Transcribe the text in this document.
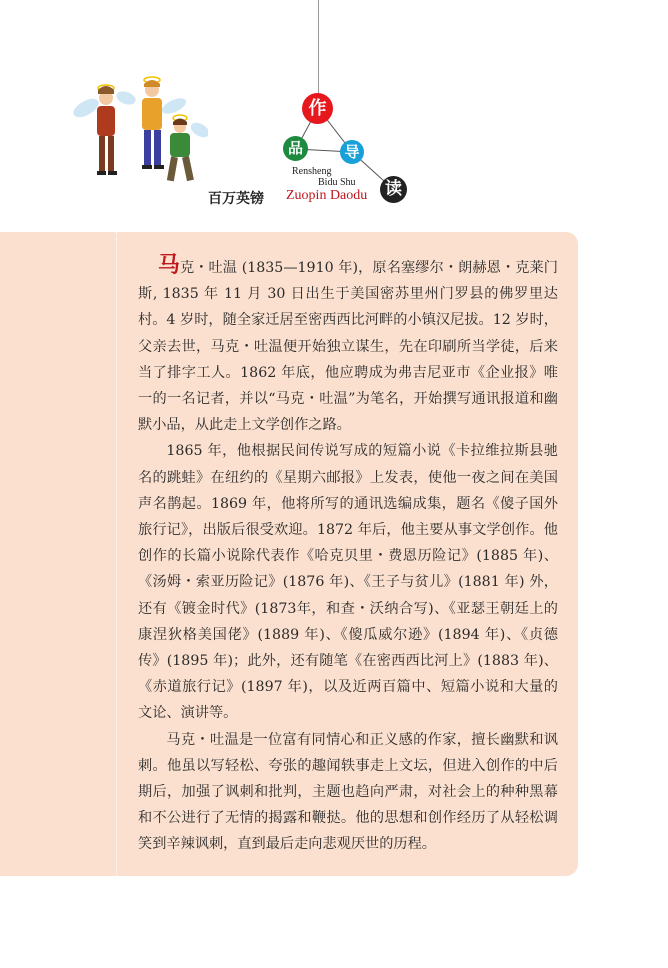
作
品	导
读
Rensheng
Bidu Shu
百万英镑 Zuopin Daodu

马克・吐温 (1835—1910 年)，原名塞缪尔・朗赫恩・克莱门斯, 1835 年 11 月 30 日出生于美国密苏里州门罗县的佛罗里达村。4 岁时，随全家迁居至密西西比河畔的小镇汉尼拔。12 岁时，父亲去世，马克・吐温便开始独立谋生，先在印刷所当学徒，后来当了排字工人。1862 年底，他应聘成为弗吉尼亚市《企业报》唯一的一名记者，并以“马克・吐温”为笔名，开始撰写通讯报道和幽默小品，从此走上文学创作之路。

1865 年，他根据民间传说写成的短篇小说《卡拉维拉斯县驰名的跳蛙》在纽约的《星期六邮报》上发表，使他一夜之间在美国声名鹊起。1869 年，他将所写的通讯选编成集，题名《傻子国外旅行记》，出版后很受欢迎。1872 年后，他主要从事文学创作。他创作的长篇小说除代表作《哈克贝里・费恩历险记》(1885 年)、《汤姆・索亚历险记》(1876 年)、《王子与贫儿》(1881 年) 外，还有《镀金时代》(1873年，和查・沃纳合写)、《亚瑟王朝廷上的康涅狄格美国佬》(1889 年)、《傻瓜威尔逊》(1894 年)、《贞德传》(1895 年)；此外，还有随笔《在密西西比河上》(1883 年)、《赤道旅行记》(1897 年)，以及近两百篇中、短篇小说和大量的文论、演讲等。

马克・吐温是一位富有同情心和正义感的作家，擅长幽默和讽刺。他虽以写轻松、夸张的趣闻轶事走上文坛，但进入创作的中后期后，加强了讽刺和批判，主题也趋向严肃，对社会上的种种黑幕和不公进行了无情的揭露和鞭挞。他的思想和创作经历了从轻松调笑到辛辣讽刺，直到最后走向悲观厌世的历程。
